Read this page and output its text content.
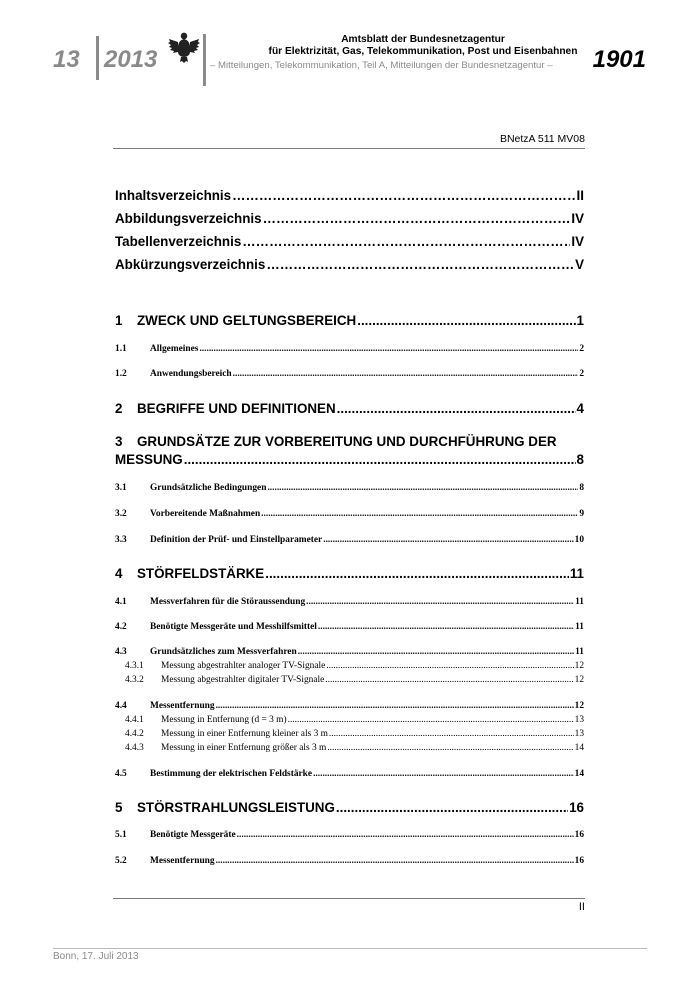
13 2013
Amtsblatt der Bundesnetzagentur
für Elektrizität, Gas, Telekommunikation, Post und Eisenbahnen
– Mitteilungen, Telekommunikation, Teil A, Mitteilungen der Bundesnetzagentur – 1901
BNetzA 511 MV08
Inhaltsverzeichnis ……………………………………………………………………………………………………………………………………………………………	II
Abbildungsverzeichnis ……………………………………………………………………………………………………………………………………………………………	IV
Tabellenverzeichnis ……………………………………………………………………………………………………………………………………………………………	IV
Abkürzungsverzeichnis ……………………………………………………………………………………………………………………………………………………………	V
1 ZWECK UND GELTUNGSBEREICH .....	1
1.1 Allgemeines .....	2
1.2 Anwendungsbereich .....	2
2 BEGRIFFE UND DEFINITIONEN .....	4
3 GRUNDSÄTZE ZUR VORBEREITUNG UND DURCHFÜHRUNG DER
MESSUNG .....	8
3.1 Grundsätzliche Bedingungen .....	8
3.2 Vorbereitende Maßnahmen .....	9
3.3 Definition der Prüf- und Einstellparameter .....	10
4 STÖRFELDSTÄRKE .....	11
4.1 Messverfahren für die Störaussendung .....	11
4.2 Benötigte Messgeräte und Messhilfsmittel .....	11
4.3 Grundsätzliches zum Messverfahren .....	11
4.3.1 Messung abgestrahlter analoger TV-Signale .....	12
4.3.2 Messung abgestrahlter digitaler TV-Signale .....	12
4.4 Messentfernung .....	12
4.4.1 Messung in Entfernung (d = 3 m) .....	13
4.4.2 Messung in einer Entfernung kleiner als 3 m .....	13
4.4.3 Messung in einer Entfernung größer als 3 m .....	14
4.5 Bestimmung der elektrischen Feldstärke .....	14
5 STÖRSTRAHLUNGSLEISTUNG .....	16
5.1 Benötigte Messgeräte .....	16
5.2 Messentfernung .....	16
II
Bonn, 17. Juli 2013
